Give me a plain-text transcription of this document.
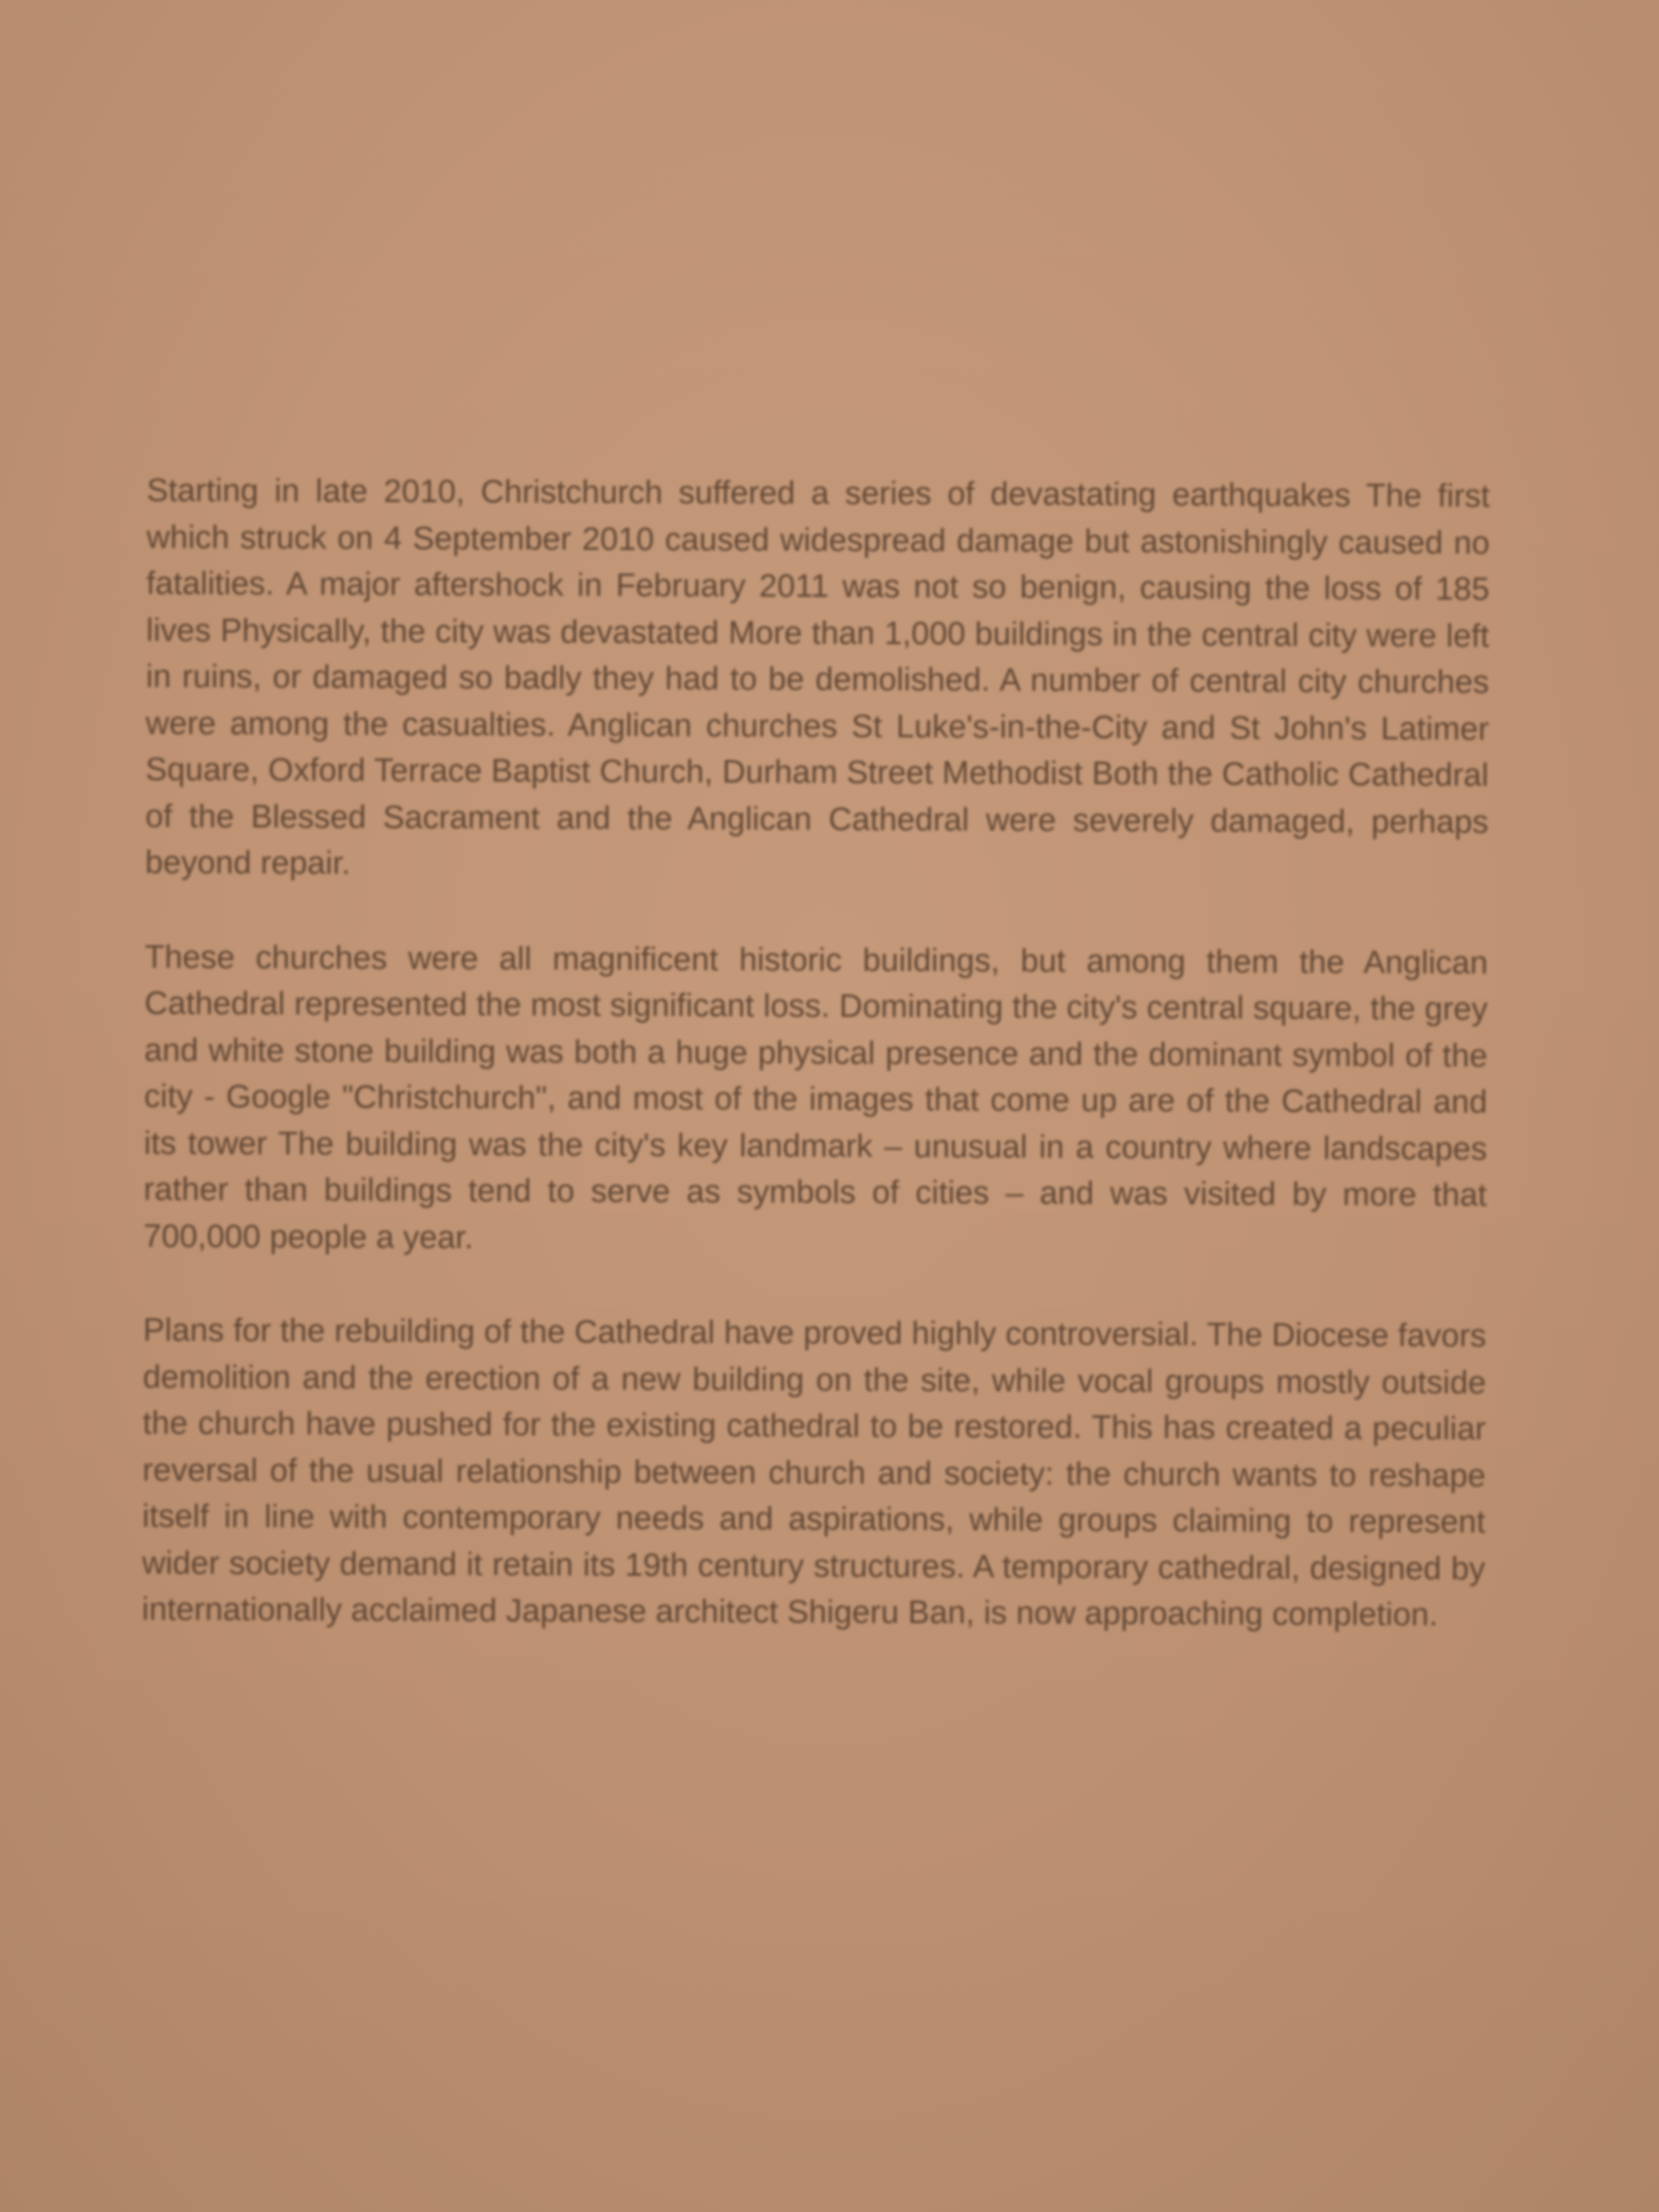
Starting in late 2010, Christchurch suffered a series of devastating earthquakes The first which struck on 4 September 2010 caused widespread damage but astonishingly caused no fatalities. A major aftershock in February 2011 was not so benign, causing the loss of 185 lives Physically, the city was devastated More than 1,000 buildings in the central city were left in ruins, or damaged so badly they had to be demolished. A number of central city churches were among the casualties. Anglican churches St Luke's-in-the-City and St John's Latimer Square, Oxford Terrace Baptist Church, Durham Street Methodist Both the Catholic Cathedral of the Blessed Sacrament and the Anglican Cathedral were severely damaged, perhaps beyond repair.

These churches were all magnificent historic buildings, but among them the Anglican Cathedral represented the most significant loss. Dominating the city's central square, the grey and white stone building was both a huge physical presence and the dominant symbol of the city - Google "Christchurch", and most of the images that come up are of the Cathedral and its tower The building was the city's key landmark – unusual in a country where landscapes rather than buildings tend to serve as symbols of cities – and was visited by more that 700,000 people a year.

Plans for the rebuilding of the Cathedral have proved highly controversial. The Diocese favors demolition and the erection of a new building on the site, while vocal groups mostly outside the church have pushed for the existing cathedral to be restored. This has created a peculiar reversal of the usual relationship between church and society: the church wants to reshape itself in line with contemporary needs and aspirations, while groups claiming to represent wider society demand it retain its 19th century structures. A temporary cathedral, designed by internationally acclaimed Japanese architect Shigeru Ban, is now approaching completion.
